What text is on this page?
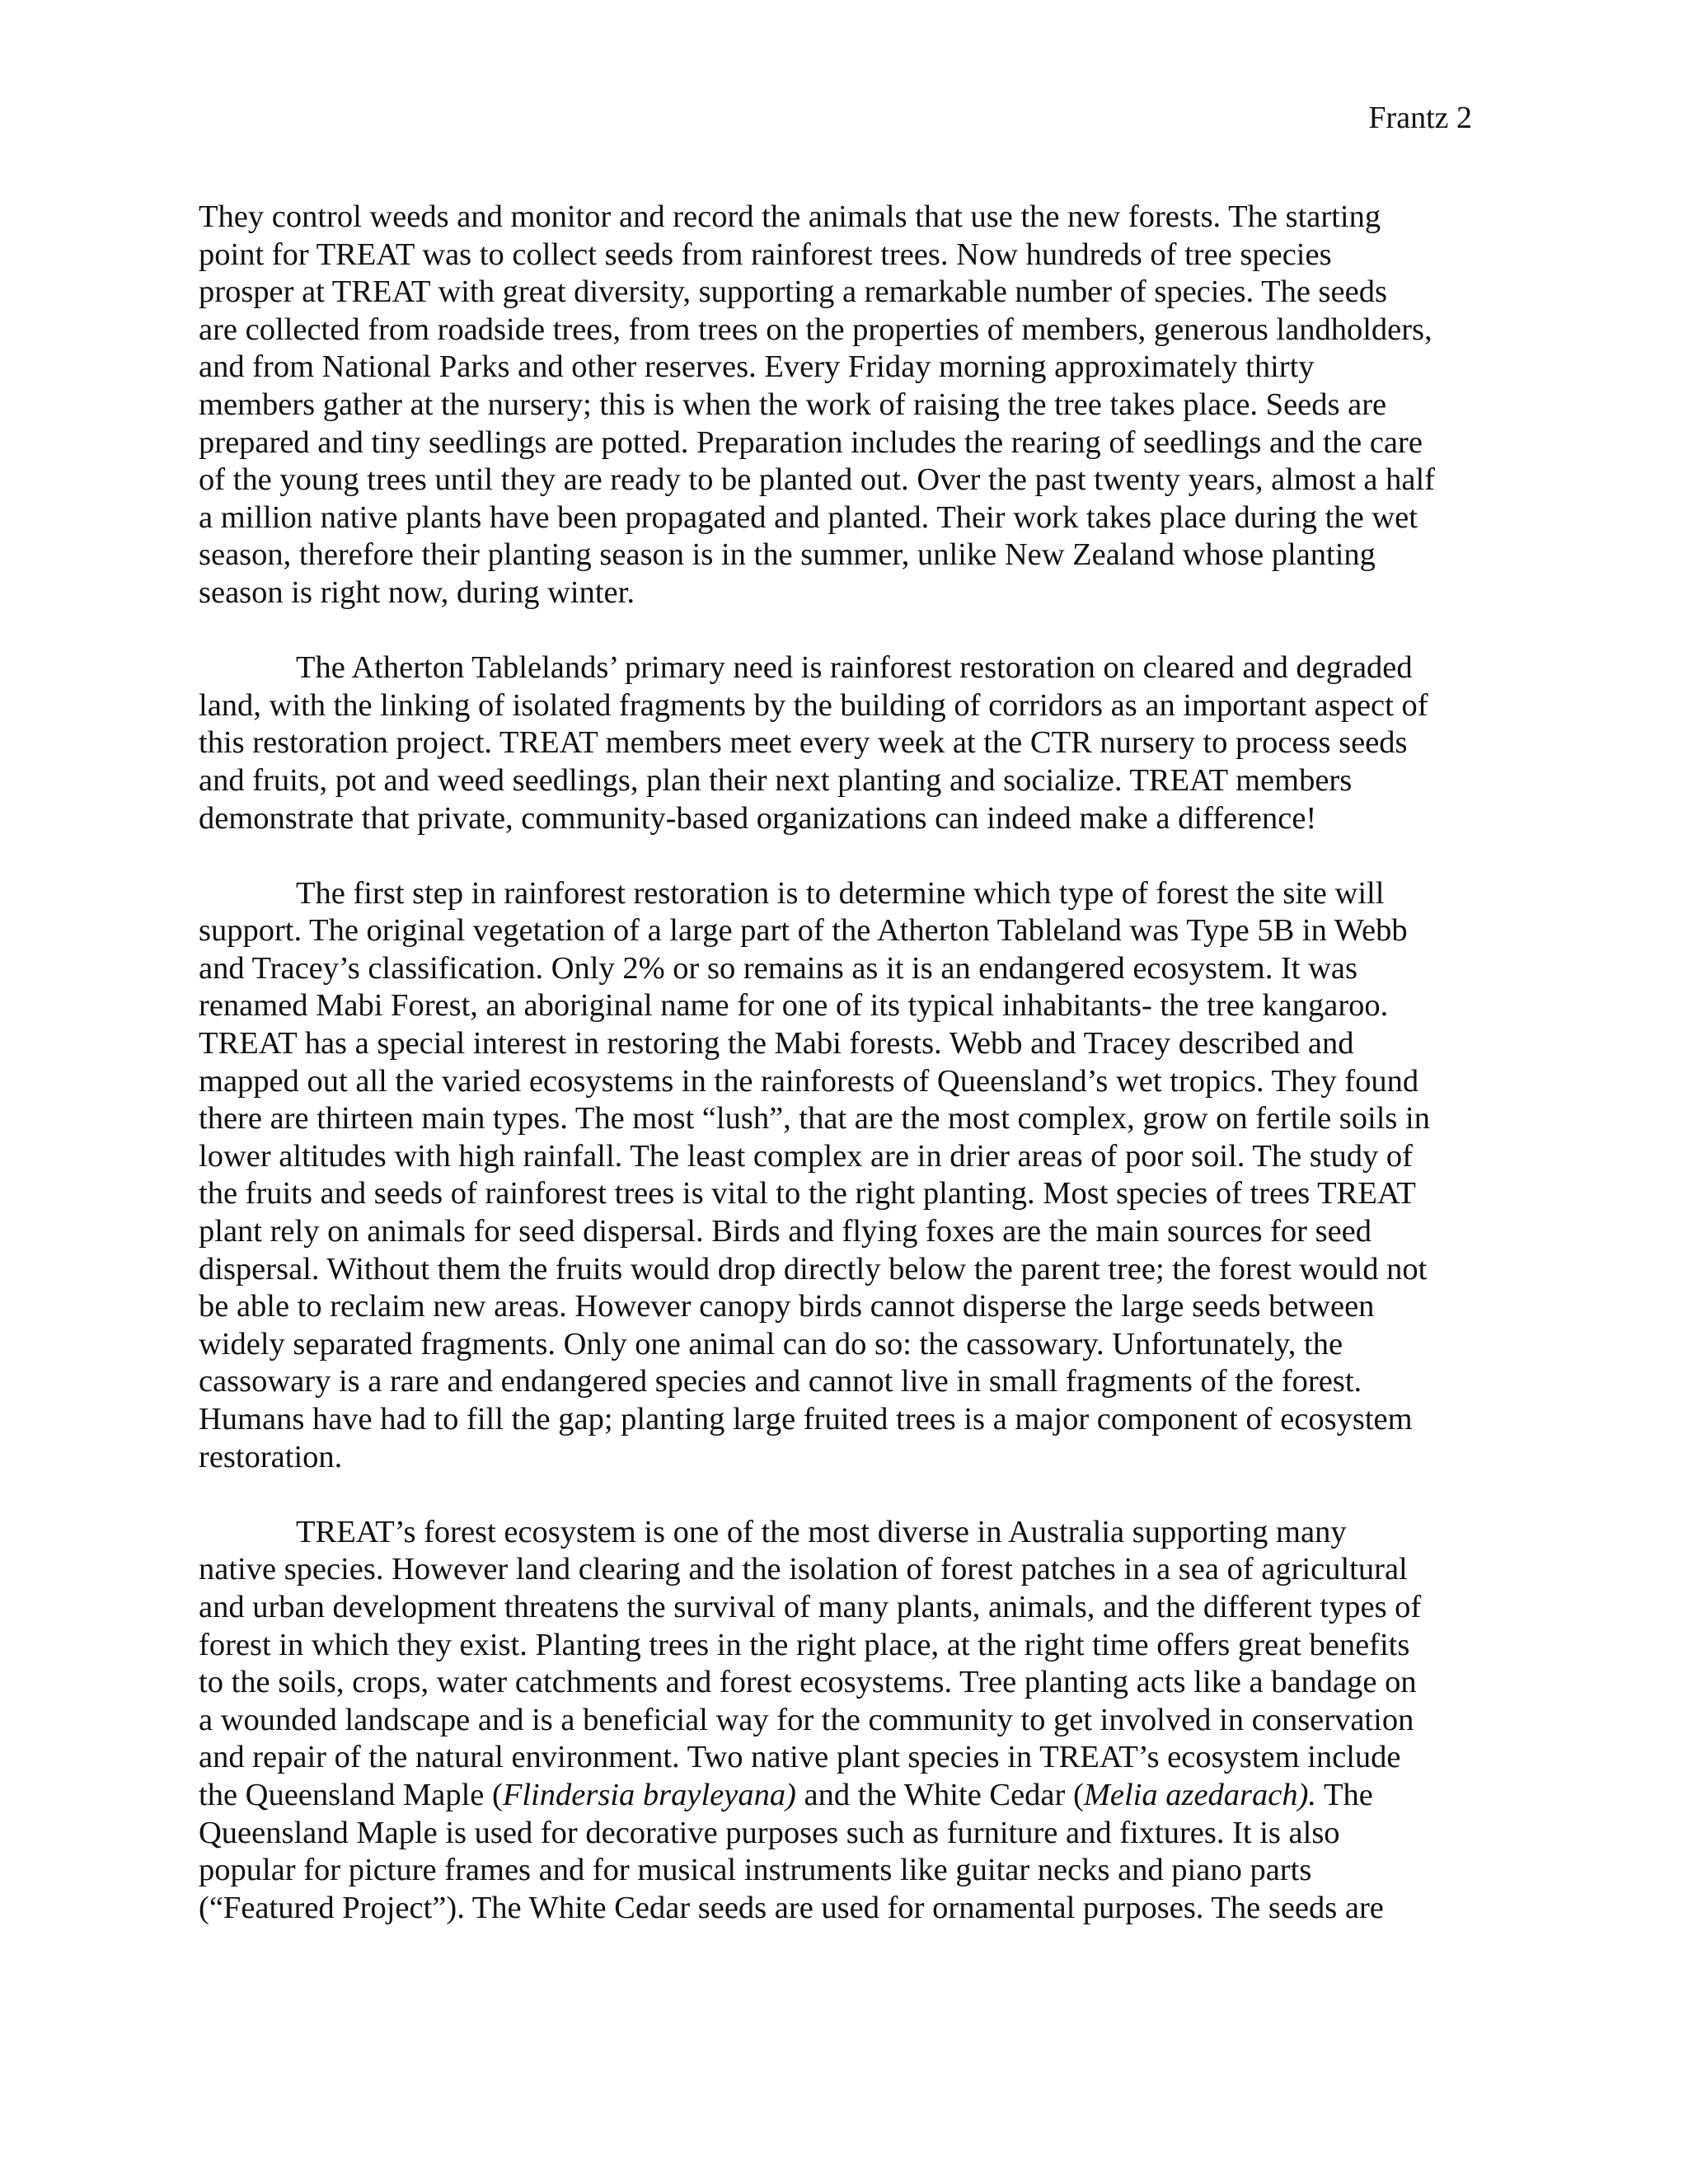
Frantz 2
They control weeds and monitor and record the animals that use the new forests. The starting
point for TREAT was to collect seeds from rainforest trees. Now hundreds of tree species
prosper at TREAT with great diversity, supporting a remarkable number of species. The seeds
are collected from roadside trees, from trees on the properties of members, generous landholders,
and from National Parks and other reserves. Every Friday morning approximately thirty
members gather at the nursery; this is when the work of raising the tree takes place. Seeds are
prepared and tiny seedlings are potted. Preparation includes the rearing of seedlings and the care
of the young trees until they are ready to be planted out. Over the past twenty years, almost a half
a million native plants have been propagated and planted. Their work takes place during the wet
season, therefore their planting season is in the summer, unlike New Zealand whose planting
season is right now, during winter.
The Atherton Tablelands’ primary need is rainforest restoration on cleared and degraded
land, with the linking of isolated fragments by the building of corridors as an important aspect of
this restoration project. TREAT members meet every week at the CTR nursery to process seeds
and fruits, pot and weed seedlings, plan their next planting and socialize. TREAT members
demonstrate that private, community-based organizations can indeed make a difference!
The first step in rainforest restoration is to determine which type of forest the site will
support. The original vegetation of a large part of the Atherton Tableland was Type 5B in Webb
and Tracey’s classification. Only 2% or so remains as it is an endangered ecosystem. It was
renamed Mabi Forest, an aboriginal name for one of its typical inhabitants- the tree kangaroo.
TREAT has a special interest in restoring the Mabi forests. Webb and Tracey described and
mapped out all the varied ecosystems in the rainforests of Queensland’s wet tropics. They found
there are thirteen main types. The most “lush”, that are the most complex, grow on fertile soils in
lower altitudes with high rainfall. The least complex are in drier areas of poor soil. The study of
the fruits and seeds of rainforest trees is vital to the right planting. Most species of trees TREAT
plant rely on animals for seed dispersal. Birds and flying foxes are the main sources for seed
dispersal. Without them the fruits would drop directly below the parent tree; the forest would not
be able to reclaim new areas. However canopy birds cannot disperse the large seeds between
widely separated fragments. Only one animal can do so: the cassowary. Unfortunately, the
cassowary is a rare and endangered species and cannot live in small fragments of the forest.
Humans have had to fill the gap; planting large fruited trees is a major component of ecosystem
restoration.
TREAT’s forest ecosystem is one of the most diverse in Australia supporting many
native species. However land clearing and the isolation of forest patches in a sea of agricultural
and urban development threatens the survival of many plants, animals, and the different types of
forest in which they exist. Planting trees in the right place, at the right time offers great benefits
to the soils, crops, water catchments and forest ecosystems. Tree planting acts like a bandage on
a wounded landscape and is a beneficial way for the community to get involved in conservation
and repair of the natural environment. Two native plant species in TREAT’s ecosystem include
the Queensland Maple (Flindersia brayleyana) and the White Cedar (Melia azedarach). The
Queensland Maple is used for decorative purposes such as furniture and fixtures. It is also
popular for picture frames and for musical instruments like guitar necks and piano parts
(“Featured Project”). The White Cedar seeds are used for ornamental purposes. The seeds are
